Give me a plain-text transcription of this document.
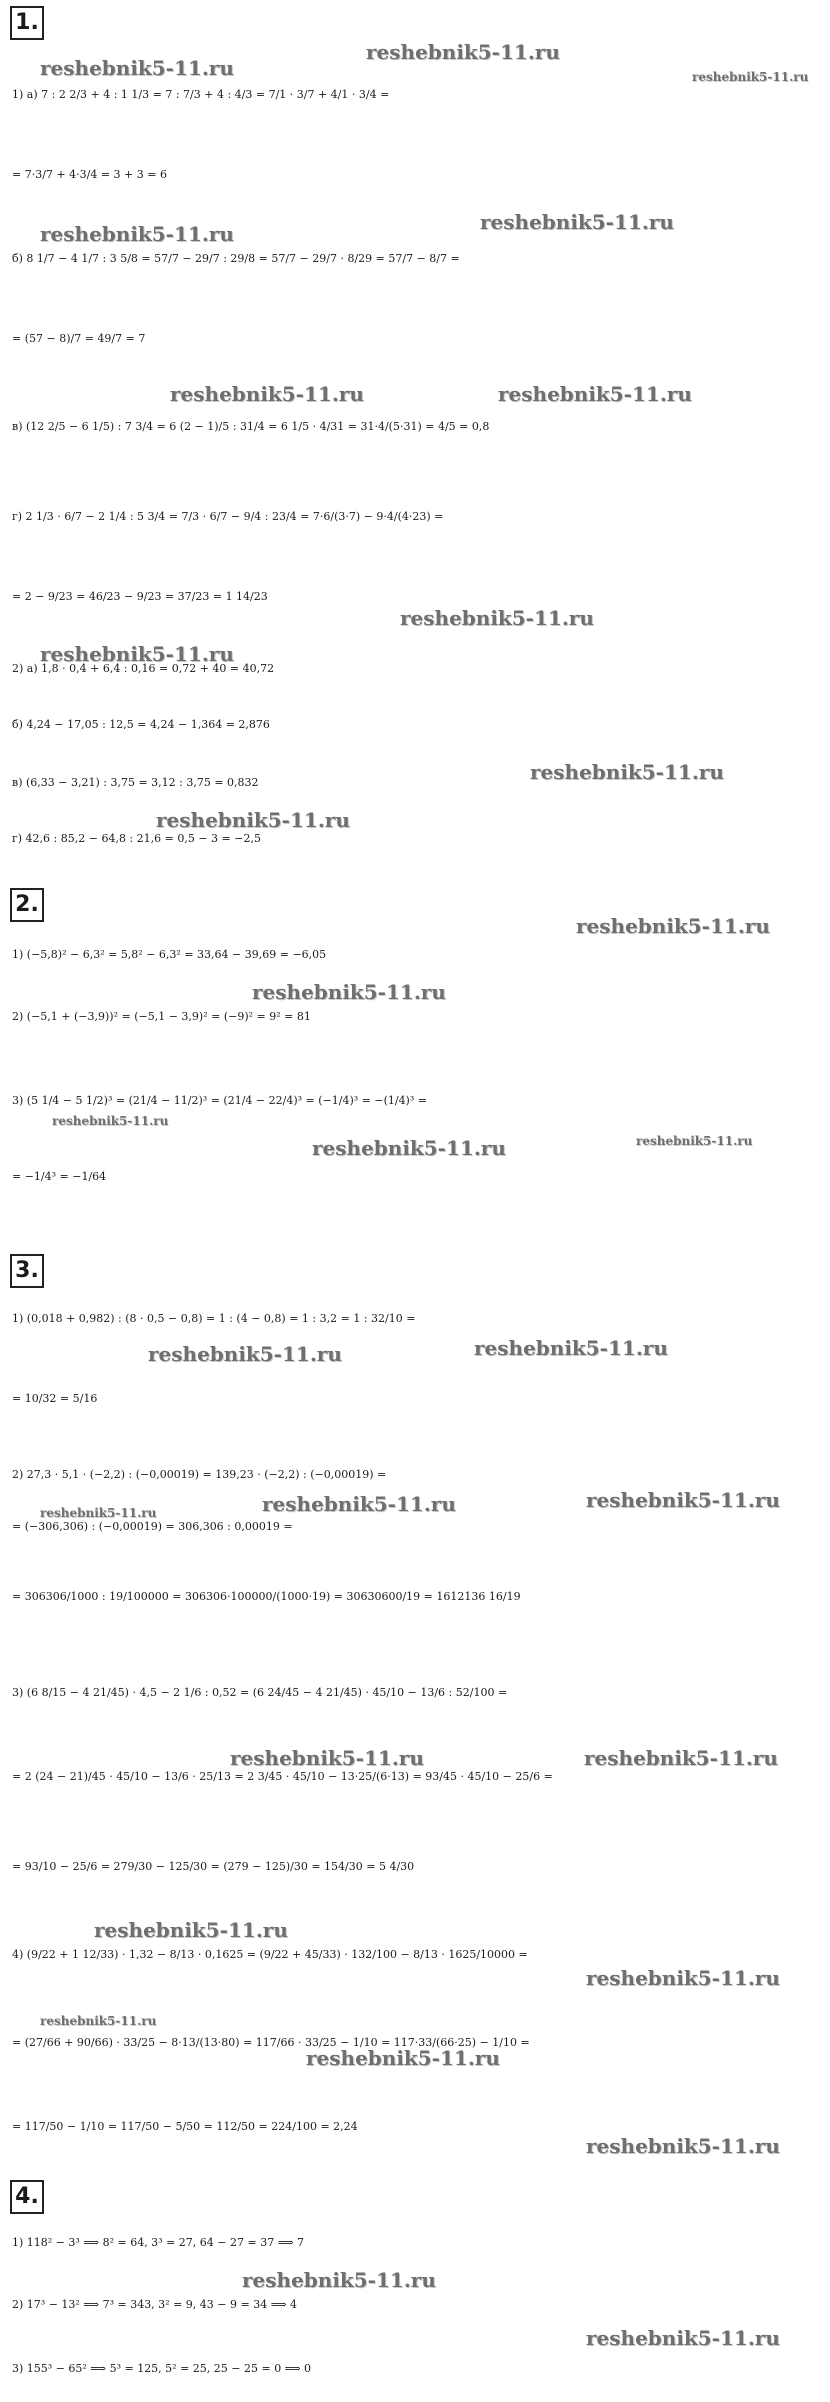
1.
1) а) 7 : 2 2/3 + 4 : 1 1/3 = 7 : 7/3 + 4 : 4/3 = 7/1 · 3/7 + 4/1 · 3/4 =
= 7·3/7 + 4·3/4 = 3 + 3 = 6
б) 8 1/7 − 4 1/7 : 3 5/8 = 57/7 − 29/7 : 29/8 = 57/7 − 29/7 · 8/29 = 57/7 − 8/7 =
= (57 − 8)/7 = 49/7 = 7
в) (12 2/5 − 6 1/5) : 7 3/4 = 6 (2 − 1)/5 : 31/4 = 6 1/5 · 4/31 = 31·4/(5·31) = 4/5 = 0,8
г) 2 1/3 · 6/7 − 2 1/4 : 5 3/4 = 7/3 · 6/7 − 9/4 : 23/4 = 7·6/(3·7) − 9·4/(4·23) =
= 2 − 9/23 = 46/23 − 9/23 = 37/23 = 1 14/23
2) а) 1,8 · 0,4 + 6,4 : 0,16 = 0,72 + 40 = 40,72
б) 4,24 − 17,05 : 12,5 = 4,24 − 1,364 = 2,876
в) (6,33 − 3,21) : 3,75 = 3,12 : 3,75 = 0,832
г) 42,6 : 85,2 − 64,8 : 21,6 = 0,5 − 3 = −2,5
2.
1) (−5,8)² − 6,3² = 5,8² − 6,3² = 33,64 − 39,69 = −6,05
2) (−5,1 + (−3,9))² = (−5,1 − 3,9)² = (−9)² = 9² = 81
3) (5 1/4 − 5 1/2)³ = (21/4 − 11/2)³ = (21/4 − 22/4)³ = (−1/4)³ = −(1/4)³ =
= −1/4³ = −1/64
3.
1) (0,018 + 0,982) : (8 · 0,5 − 0,8) = 1 : (4 − 0,8) = 1 : 3,2 = 1 : 32/10 =
= 10/32 = 5/16
2) 27,3 · 5,1 · (−2,2) : (−0,00019) = 139,23 · (−2,2) : (−0,00019) =
= (−306,306) : (−0,00019) = 306,306 : 0,00019 =
= 306306/1000 : 19/100000 = 306306·100000/(1000·19) = 30630600/19 = 1612136 16/19
3) (6 8/15 − 4 21/45) · 4,5 − 2 1/6 : 0,52 = (6 24/45 − 4 21/45) · 45/10 − 13/6 : 52/100 =
= 2 (24 − 21)/45 · 45/10 − 13/6 · 25/13 = 2 3/45 · 45/10 − 13·25/(6·13) = 93/45 · 45/10 − 25/6 =
= 93/10 − 25/6 = 279/30 − 125/30 = (279 − 125)/30 = 154/30 = 5 4/30
4) (9/22 + 1 12/33) · 1,32 − 8/13 · 0,1625 = (9/22 + 45/33) · 132/100 − 8/13 · 1625/10000 =
= (27/66 + 90/66) · 33/25 − 8·13/(13·80) = 117/66 · 33/25 − 1/10 = 117·33/(66·25) − 1/10 =
= 117/50 − 1/10 = 117/50 − 5/50 = 112/50 = 224/100 = 2,24
4.
1) 118² − 3³ ⟹ 8² = 64, 3³ = 27, 64 − 27 = 37 ⟹ 7
2) 17³ − 13² ⟹ 7³ = 343, 3² = 9, 43 − 9 = 34 ⟹ 4
3) 155³ − 65² ⟹ 5³ = 125, 5² = 25, 25 − 25 = 0 ⟹ 0
reshebnik5-11.ru
reshebnik5-11.ru
reshebnik5-11.ru
reshebnik5-11.ru	reshebnik5-11.ru
reshebnik5-11.ru	reshebnik5-11.ru
reshebnik5-11.ru
reshebnik5-11.ru
reshebnik5-11.ru
reshebnik5-11.ru
reshebnik5-11.ru
reshebnik5-11.ru
reshebnik5-11.ru
reshebnik5-11.ru
reshebnik5-11.ru
reshebnik5-11.ru	reshebnik5-11.ru
reshebnik5-11.ru	reshebnik5-11.ru
reshebnik5-11.ru
reshebnik5-11.ru	reshebnik5-11.ru
reshebnik5-11.ru
reshebnik5-11.ru
reshebnik5-11.ru
reshebnik5-11.ru
reshebnik5-11.ru
reshebnik5-11.ru
reshebnik5-11.ru
